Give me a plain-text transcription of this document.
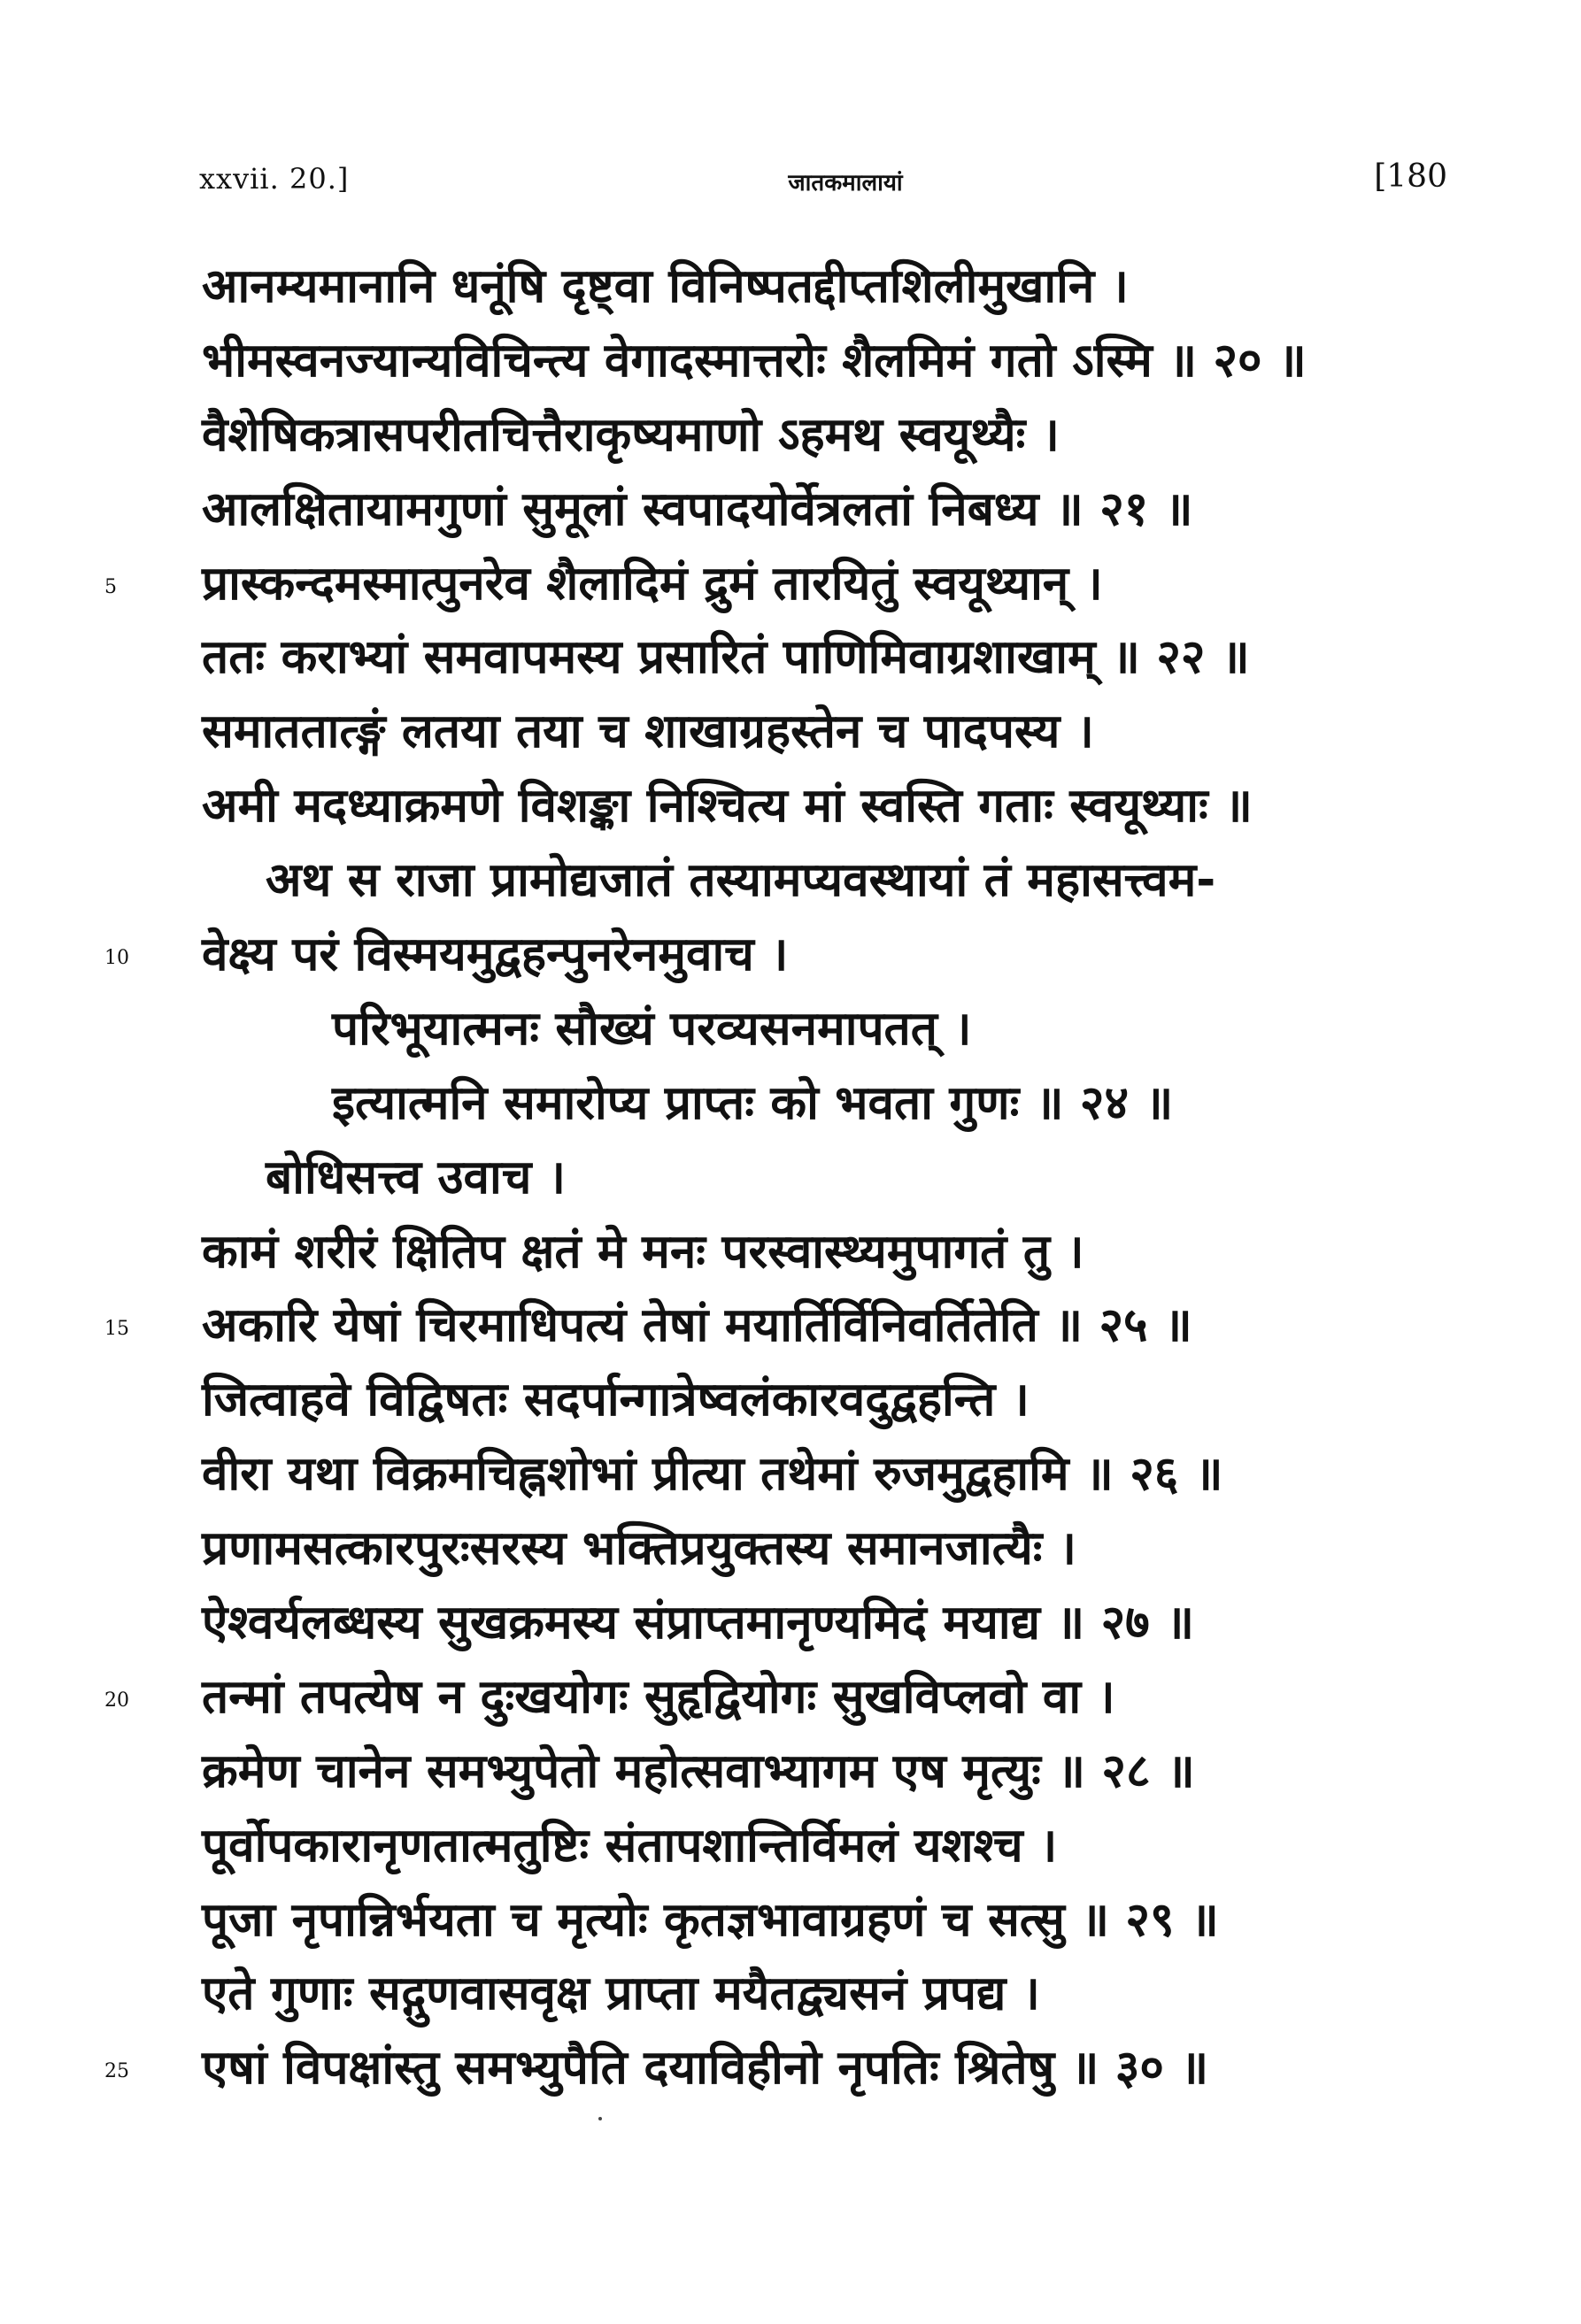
xxvii. 20.]	जातकमालायां	[180
आनम्यमानानि धनूंषि दृष्ट्वा विनिष्पतद्दीप्तशिलीमुखानि ।
भीमस्वनज्यान्यविचिन्त्य वेगादस्मात्तरोः शैलमिमं गतो ऽस्मि ॥ २० ॥
वैशेषिकत्रासपरीतचित्तैराकृष्यमाणो ऽहमथ स्वयूथ्यैः ।
आलक्षितायामगुणां सुमूलां स्वपादयोर्वेत्रलतां निबध्य ॥ २१ ॥
5 प्रास्कन्दमस्मात्पुनरेव शैलादिमं द्रुमं तारयितुं स्वयूथ्यान् ।
ततः कराभ्यां समवापमस्य प्रसारितं पाणिमिवाग्रशाखाम् ॥ २२ ॥
समाततात्ङ्गं लतया तया च शाखाग्रहस्तेन च पादपस्य ।
अमी मदध्याक्रमणे विशङ्का निश्चित्य मां स्वस्ति गताः स्वयूथ्याः ॥
अथ स राजा प्रामोद्यजातं तस्यामप्यवस्थायां तं महासत्त्वम-
10 वेक्ष्य परं विस्मयमुद्वहन्पुनरेनमुवाच ।
परिभूयात्मनः सौख्यं परव्यसनमापतत् ।
इत्यात्मनि समारोप्य प्राप्तः को भवता गुणः ॥ २४ ॥
बोधिसत्त्व उवाच ।
कामं शरीरं क्षितिप क्षतं मे मनः परस्वास्थ्यमुपागतं तु ।
15 अकारि येषां चिरमाधिपत्यं तेषां मयार्तिर्विनिवर्तितेति ॥ २५ ॥
जित्वाहवे विद्विषतः सदर्पान्गात्रेष्वलंकारवदुद्वहन्ति ।
वीरा यथा विक्रमचिह्नशोभां प्रीत्या तथेमां रुजमुद्वहामि ॥ २६ ॥
प्रणामसत्कारपुरःसरस्य भक्तिप्रयुक्तस्य समानजात्यैः ।
ऐश्वर्यलब्धस्य सुखक्रमस्य संप्राप्तमानृण्यमिदं मयाद्य ॥ २७ ॥
20 तन्मां तपत्येष न दुःखयोगः सुहृद्वियोगः सुखविप्लवो वा ।
क्रमेण चानेन समभ्युपेतो महोत्सवाभ्यागम एष मृत्युः ॥ २८ ॥
पूर्वोपकारानृणतात्मतुष्टिः संतापशान्तिर्विमलं यशश्च ।
पूजा नृपान्निर्भयता च मृत्योः कृतज्ञभावाग्रहणं च सत्सु ॥ २९ ॥
एते गुणाः सद्गुणवासवृक्ष प्राप्ता मयैतद्व्यसनं प्रपद्य ।
25 एषां विपक्षांस्तु समभ्युपैति दयाविहीनो नृपतिः श्रितेषु ॥ ३० ॥
